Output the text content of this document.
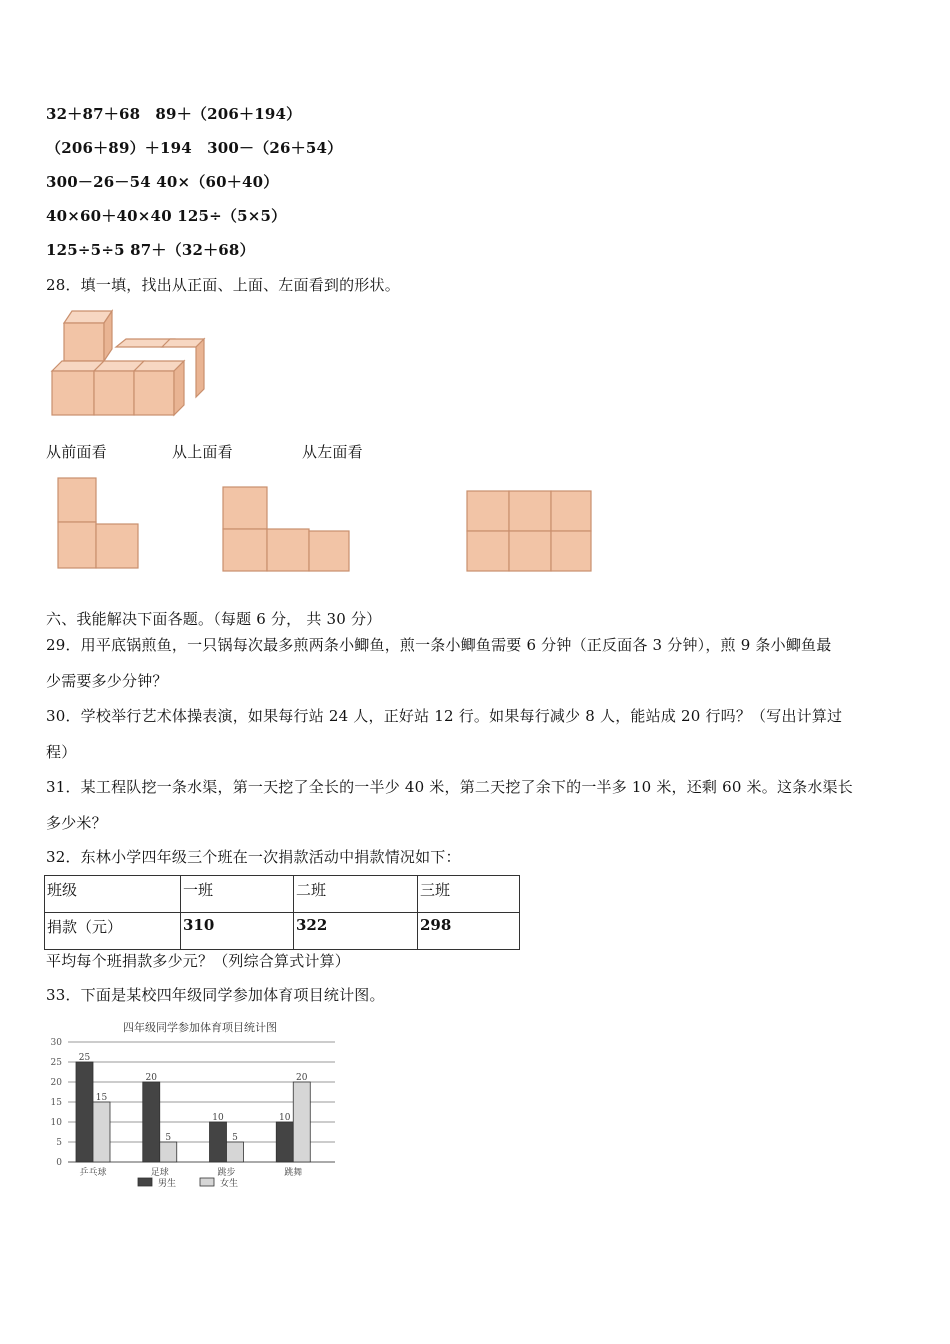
32＋87＋68　89＋（206＋194）
（206＋89）＋194　300－（26＋54）
300－26－54 40×（60＋40）
40×60＋40×40 125÷（5×5）
125÷5÷5 87＋（32＋68）
28．填一填，找出从正面、上面、左面看到的形状。
从前面看	从上面看	从左面看
六、我能解决下面各题。（每题 6 分， 共 30 分）
29．用平底锅煎鱼，一只锅每次最多煎两条小鲫鱼，煎一条小鲫鱼需要 6 分钟（正反面各 3 分钟），煎 9 条小鲫鱼最
少需要多少分钟？
30．学校举行艺术体操表演，如果每行站 24 人，正好站 12 行。如果每行减少 8 人，能站成 20 行吗？（写出计算过
程）
31．某工程队挖一条水渠，第一天挖了全长的一半少 40 米，第二天挖了余下的一半多 10 米，还剩 60 米。这条水渠长
多少米？
32．东林小学四年级三个班在一次捐款活动中捐款情况如下：
班级	一班	二班	三班
捐款（元）	310	322	298
平均每个班捐款多少元？（列综合算式计算）
33．下面是某校四年级同学参加体育项目统计图。
四年级同学参加体育项目统计图
0
5
10
15
20
25
30
25
15
乒乓球
20
5
足球
10
5
跳步
10
20
跳舞
男生	女生
